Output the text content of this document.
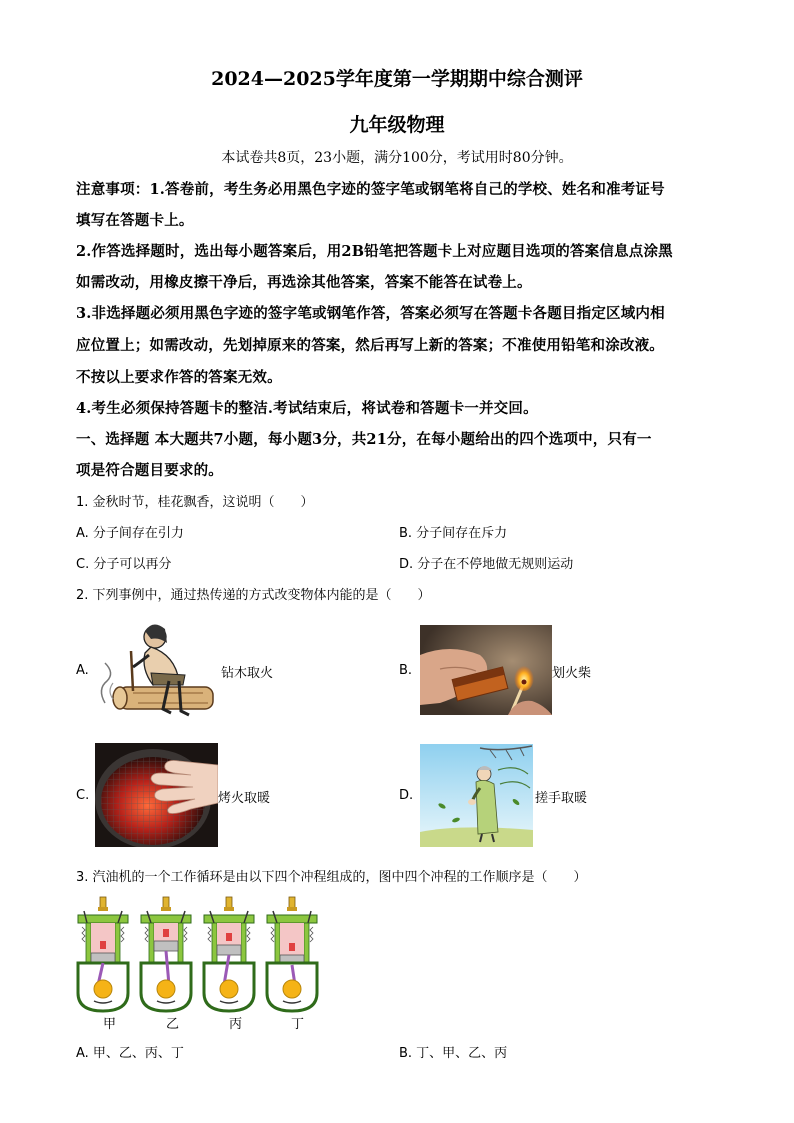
2024—2025学年度第一学期期中综合测评
九年级物理
本试卷共8页，23小题，满分100分，考试用时80分钟。
注意事项：1.答卷前，考生务必用黑色字迹的签字笔或钢笔将自己的学校、姓名和准考证号
填写在答题卡上。
2.作答选择题时，选出每小题答案后，用2B铅笔把答题卡上对应题目选项的答案信息点涂黑
如需改动，用橡皮擦干净后，再选涂其他答案，答案不能答在试卷上。
3.非选择题必须用黑色字迹的签字笔或钢笔作答，答案必须写在答题卡各题目指定区域内相
应位置上；如需改动，先划掉原来的答案，然后再写上新的答案；不准使用铅笔和涂改液。
不按以上要求作答的答案无效。
4.考生必须保持答题卡的整洁.考试结束后，将试卷和答题卡一并交回。
一、选择题 本大题共7小题，每小题3分，共21分，在每小题给出的四个选项中，只有一
项是符合题目要求的。
1. 金秋时节，桂花飘香，这说明（　　）
A. 分子间存在引力	B. 分子间存在斥力
C. 分子可以再分	D. 分子在不停地做无规则运动
2. 下列事例中，通过热传递的方式改变物体内能的是（　　）
A.	钻木取火	B.	划火柴
C.	烤火取暖	D.	搓手取暖
3. 汽油机的一个工作循环是由以下四个冲程组成的，图中四个冲程的工作顺序是（　　）
甲	乙	丙	丁
A. 甲、乙、丙、丁	B. 丁、甲、乙、丙
